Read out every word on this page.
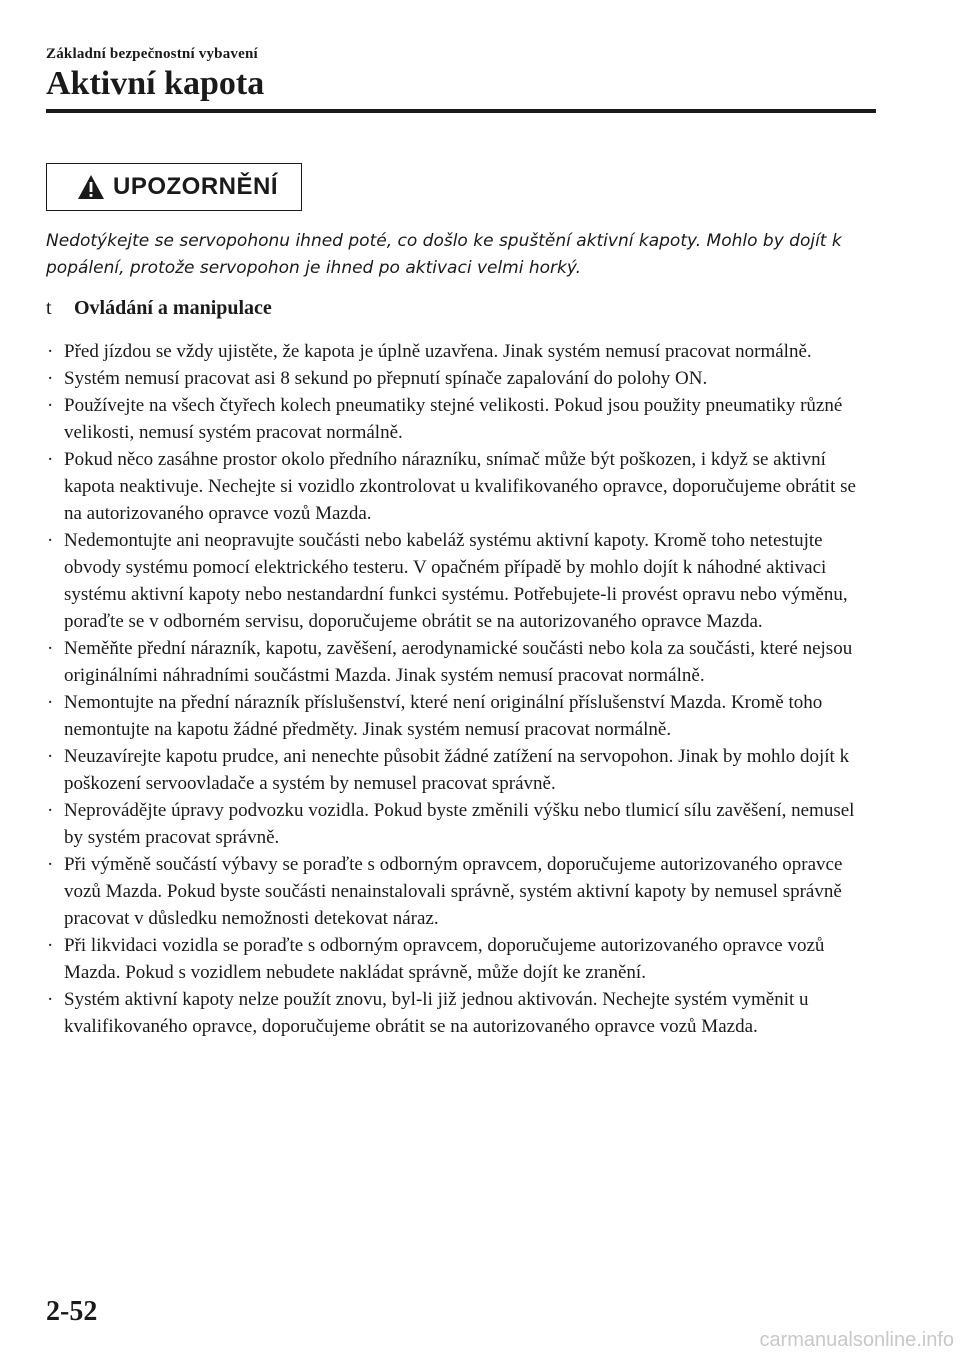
Základní bezpečnostní vybavení
Aktivní kapota
UPOZORNĚNÍ

Nedotýkejte se servopohonu ihned poté, co došlo ke spuštění aktivní kapoty. Mohlo by dojít k popálení, protože servopohon je ihned po aktivaci velmi horký.

t	Ovládání a manipulace
· Před jízdou se vždy ujistěte, že kapota je úplně uzavřena. Jinak systém nemusí pracovat normálně.
· Systém nemusí pracovat asi 8 sekund po přepnutí spínače zapalování do polohy ON.
· Používejte na všech čtyřech kolech pneumatiky stejné velikosti. Pokud jsou použity pneumatiky různé velikosti, nemusí systém pracovat normálně.
· Pokud něco zasáhne prostor okolo předního nárazníku, snímač může být poškozen, i když se aktivní kapota neaktivuje. Nechejte si vozidlo zkontrolovat u kvalifikovaného opravce, doporučujeme obrátit se na autorizovaného opravce vozů Mazda.
· Nedemontujte ani neopravujte součásti nebo kabeláž systému aktivní kapoty. Kromě toho netestujte obvody systému pomocí elektrického testeru. V opačném případě by mohlo dojít k náhodné aktivaci systému aktivní kapoty nebo nestandardní funkci systému. Potřebujete-li provést opravu nebo výměnu, poraďte se v odborném servisu, doporučujeme obrátit se na autorizovaného opravce Mazda.
· Neměňte přední nárazník, kapotu, zavěšení, aerodynamické součásti nebo kola za součásti, které nejsou originálními náhradními součástmi Mazda. Jinak systém nemusí pracovat normálně.
· Nemontujte na přední nárazník příslušenství, které není originální příslušenství Mazda. Kromě toho nemontujte na kapotu žádné předměty. Jinak systém nemusí pracovat normálně.
· Neuzavírejte kapotu prudce, ani nenechte působit žádné zatížení na servopohon. Jinak by mohlo dojít k poškození servoovladače a systém by nemusel pracovat správně.
· Neprovádějte úpravy podvozku vozidla. Pokud byste změnili výšku nebo tlumicí sílu zavěšení, nemusel by systém pracovat správně.
· Při výměně součástí výbavy se poraďte s odborným opravcem, doporučujeme autorizovaného opravce vozů Mazda. Pokud byste součásti nenainstalovali správně, systém aktivní kapoty by nemusel správně pracovat v důsledku nemožnosti detekovat náraz.
· Při likvidaci vozidla se poraďte s odborným opravcem, doporučujeme autorizovaného opravce vozů Mazda. Pokud s vozidlem nebudete nakládat správně, může dojít ke zranění.
· Systém aktivní kapoty nelze použít znovu, byl-li již jednou aktivován. Nechejte systém vyměnit u kvalifikovaného opravce, doporučujeme obrátit se na autorizovaného opravce vozů Mazda.
2-52
carmanualsonline.info
